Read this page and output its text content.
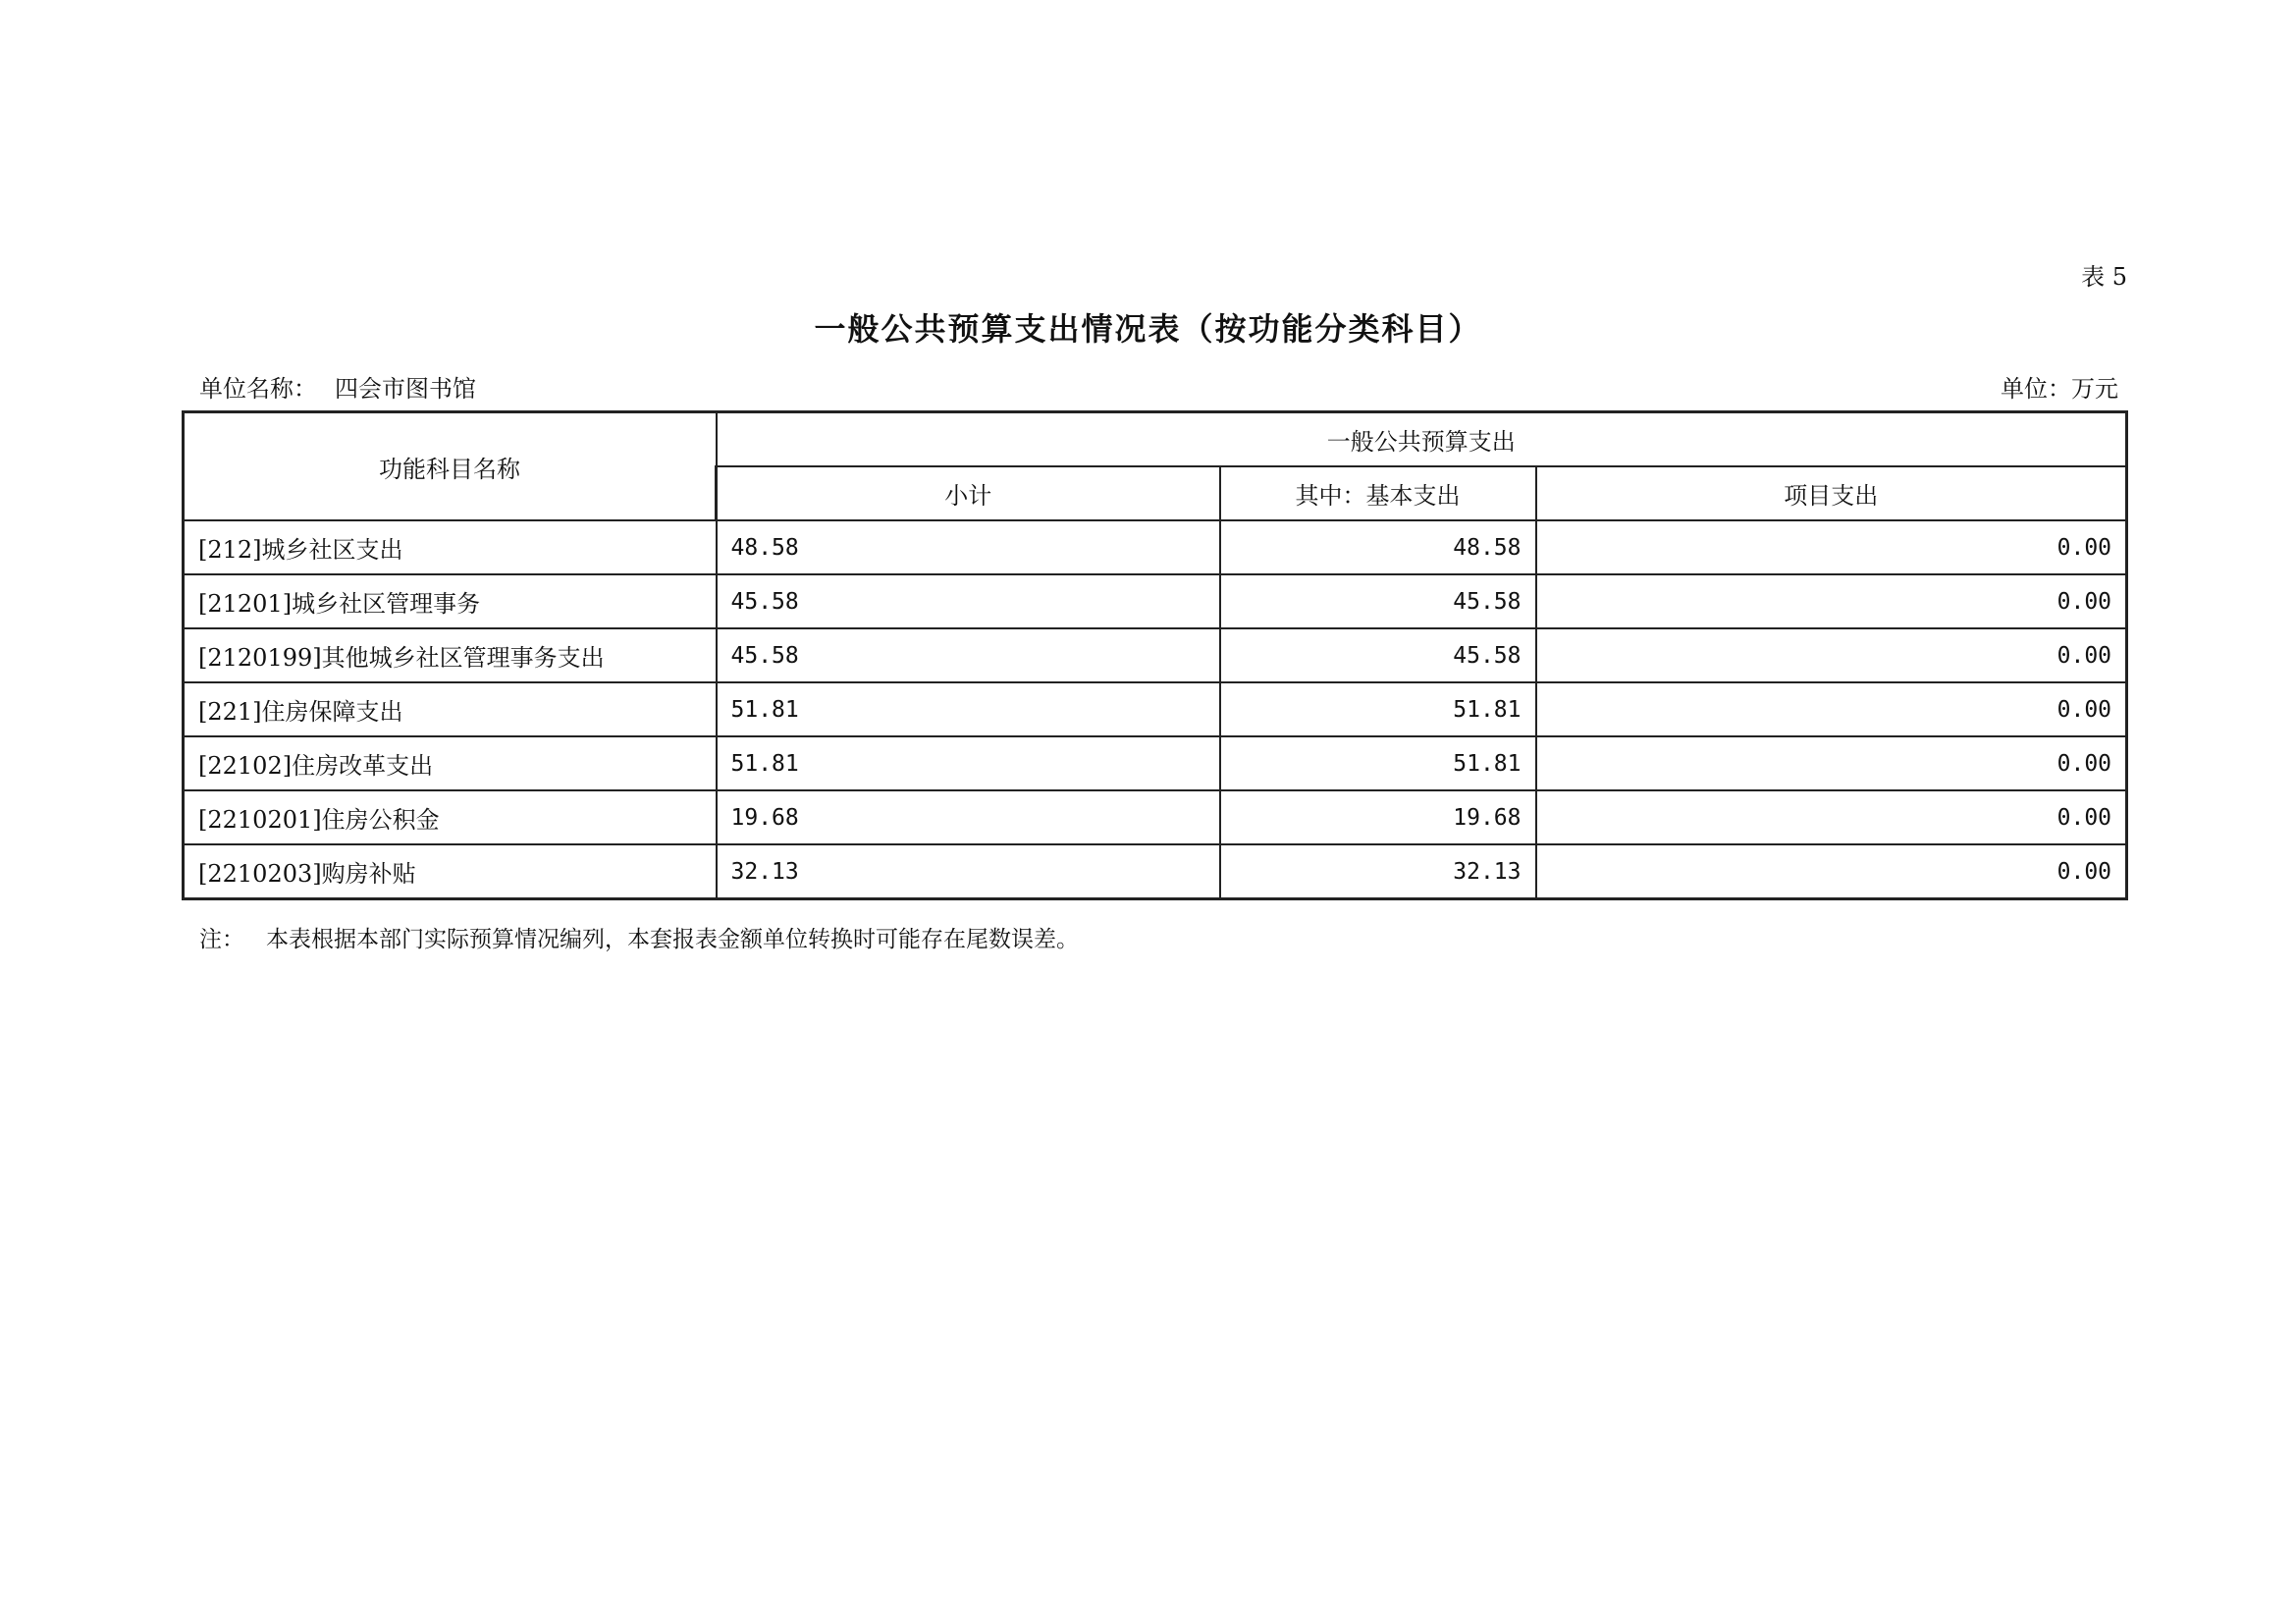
表 5
一般公共预算支出情况表（按功能分类科目）
单位名称： 四会市图书馆	单位：万元
功能科目名称	一般公共预算支出		
	小计	其中：基本支出	项目支出
[212]城乡社区支出	48.58	48.58	0.00
[21201]城乡社区管理事务	45.58	45.58	0.00
[2120199]其他城乡社区管理事务支出	45.58	45.58	0.00
[221]住房保障支出	51.81	51.81	0.00
[22102]住房改革支出	51.81	51.81	0.00
[2210201]住房公积金	19.68	19.68	0.00
[2210203]购房补贴	32.13	32.13	0.00
注： 本表根据本部门实际预算情况编列，本套报表金额单位转换时可能存在尾数误差。
